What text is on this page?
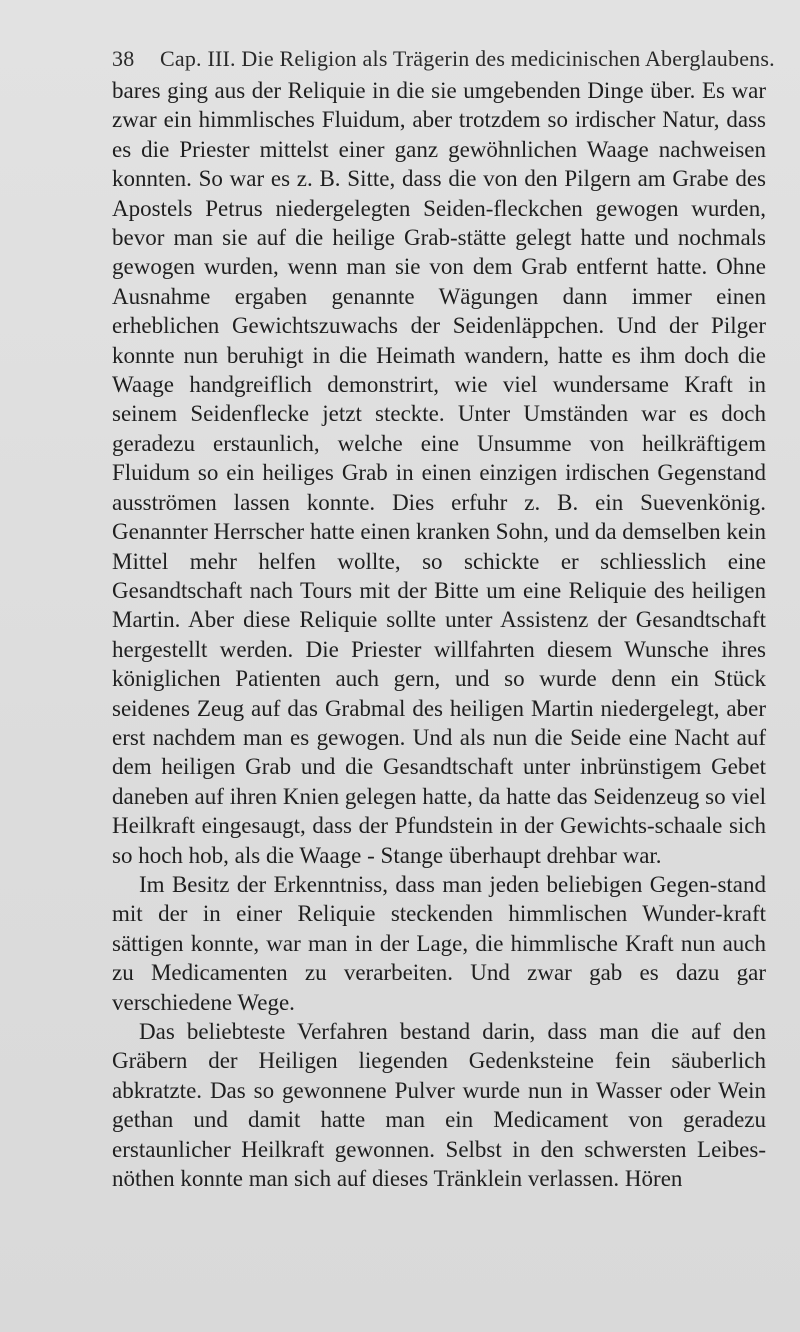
38 Cap. III. Die Religion als Trägerin des medicinischen Aberglaubens.

bares ging aus der Reliquie in die sie umgebenden Dinge über. Es war zwar ein himmlisches Fluidum, aber trotzdem so irdischer Natur, dass es die Priester mittelst einer ganz gewöhnlichen Waage nachweisen konnten. So war es z. B. Sitte, dass die von den Pilgern am Grabe des Apostels Petrus niedergelegten Seiden-fleckchen gewogen wurden, bevor man sie auf die heilige Grab-stätte gelegt hatte und nochmals gewogen wurden, wenn man sie von dem Grab entfernt hatte. Ohne Ausnahme ergaben genannte Wägungen dann immer einen erheblichen Gewichtszuwachs der Seidenläppchen. Und der Pilger konnte nun beruhigt in die Heimath wandern, hatte es ihm doch die Waage handgreiflich demonstrirt, wie viel wundersame Kraft in seinem Seidenflecke jetzt steckte. Unter Umständen war es doch geradezu erstaunlich, welche eine Unsumme von heilkräftigem Fluidum so ein heiliges Grab in einen einzigen irdischen Gegenstand ausströmen lassen konnte. Dies erfuhr z. B. ein Suevenkönig. Genannter Herrscher hatte einen kranken Sohn, und da demselben kein Mittel mehr helfen wollte, so schickte er schliesslich eine Gesandtschaft nach Tours mit der Bitte um eine Reliquie des heiligen Martin. Aber diese Reliquie sollte unter Assistenz der Gesandtschaft hergestellt werden. Die Priester willfahrten diesem Wunsche ihres königlichen Patienten auch gern, und so wurde denn ein Stück seidenes Zeug auf das Grabmal des heiligen Martin niedergelegt, aber erst nachdem man es gewogen. Und als nun die Seide eine Nacht auf dem heiligen Grab und die Gesandtschaft unter inbrünstigem Gebet daneben auf ihren Knien gelegen hatte, da hatte das Seidenzeug so viel Heilkraft eingesaugt, dass der Pfundstein in der Gewichts-schaale sich so hoch hob, als die Waage - Stange überhaupt drehbar war.

Im Besitz der Erkenntniss, dass man jeden beliebigen Gegen-stand mit der in einer Reliquie steckenden himmlischen Wunder-kraft sättigen konnte, war man in der Lage, die himmlische Kraft nun auch zu Medicamenten zu verarbeiten. Und zwar gab es dazu gar verschiedene Wege.

Das beliebteste Verfahren bestand darin, dass man die auf den Gräbern der Heiligen liegenden Gedenksteine fein säuberlich abkratzte. Das so gewonnene Pulver wurde nun in Wasser oder Wein gethan und damit hatte man ein Medicament von geradezu erstaunlicher Heilkraft gewonnen. Selbst in den schwersten Leibes-nöthen konnte man sich auf dieses Tränklein verlassen. Hören
